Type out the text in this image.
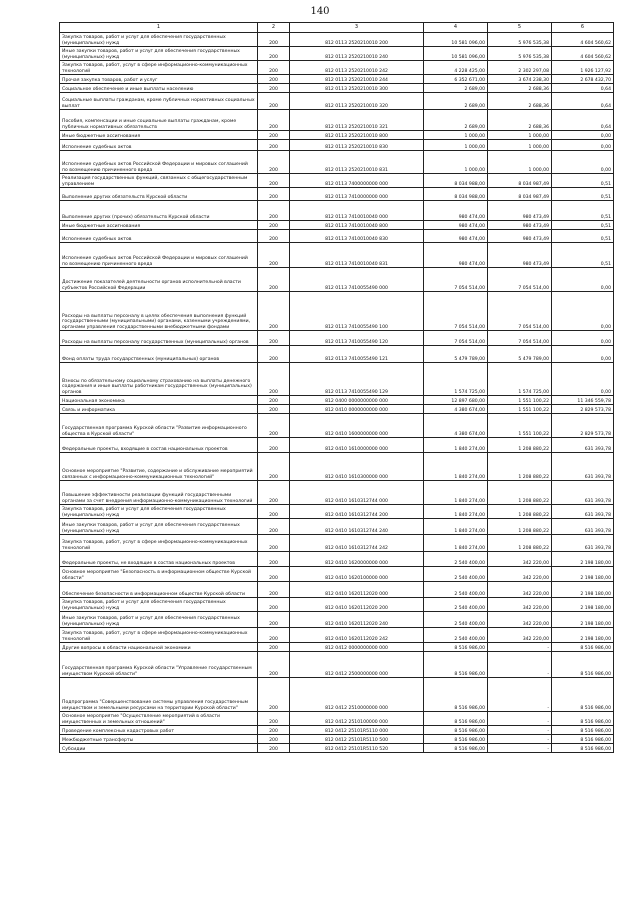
140
1	2	3	4	5	6
Закупка товаров, работ и услуг для обеспечения государственных (муниципальных) нужд	200	812 0113 2520210010 200	10 581 096,00	5 976 535,38	4 604 560,62
Иные закупки товаров, работ и услуг для обеспечения государственных (муниципальных) нужд	200	812 0113 2520210010 240	10 581 096,00	5 976 535,38	4 604 560,62
Закупка товаров, работ, услуг в сфере информационно-коммуникационных технологий	200	812 0113 2520210010 242	4 228 425,00	2 302 297,08	1 926 127,92
Прочая закупка товаров, работ и услуг	200	812 0113 2520210010 244	6 352 671,00	3 674 238,30	2 678 432,70
Социальное обеспечение и иные выплаты населению	200	812 0113 2520210010 300	2 689,00	2 688,36	0,64
Социальные выплаты гражданам, кроме публичных нормативных социальных выплат	200	812 0113 2520210010 320	2 689,00	2 688,36	0,64
Пособия, компенсации и иные социальные выплаты гражданам, кроме публичных нормативных обязательств	200	812 0113 2520210010 321	2 689,00	2 688,36	0,64
Иные бюджетные ассигнования	200	812 0113 2520210010 800	1 000,00	1 000,00	0,00
Исполнение судебных актов	200	812 0113 2520210010 830	1 000,00	1 000,00	0,00
Исполнение судебных актов Российской Федерации и мировых соглашений по возмещению причиненного вреда	200	812 0113 2520210010 831	1 000,00	1 000,00	0,00
Реализация государственных функций, связанных с общегосударственным управлением	200	812 0113 7400000000 000	8 034 988,00	8 034 987,49	0,51
Выполнение других обязательств Курской области	200	812 0113 7410000000 000	8 034 988,00	8 034 987,49	0,51
Выполнение других (прочих) обязательств Курской области	200	812 0113 7410010040 000	980 474,00	980 473,49	0,51
Иные бюджетные ассигнования	200	812 0113 7410010040 800	980 474,00	980 473,49	0,51
Исполнение судебных актов	200	812 0113 7410010040 830	980 474,00	980 473,49	0,51
Исполнение судебных актов Российской Федерации и мировых соглашений по возмещению причиненного вреда	200	812 0113 7410010040 831	980 474,00	980 473,49	0,51
Достижение показателей деятельности органов исполнительной власти субъектов Российской Федерации	200	812 0113 7410055490 000	7 054 514,00	7 054 514,00	0,00
Расходы на выплаты персоналу в целях обеспечения выполнения функций государственными (муниципальными) органами, казенными учреждениями, органами управления государственными внебюджетными фондами	200	812 0113 7410055490 100	7 054 514,00	7 054 514,00	0,00
Расходы на выплаты персоналу государственных (муниципальных) органов	200	812 0113 7410055490 120	7 054 514,00	7 054 514,00	0,00
Фонд оплаты труда государственных (муниципальных) органов	200	812 0113 7410055490 121	5 479 789,00	5 479 789,00	0,00
Взносы по обязательному социальному страхованию на выплаты денежного содержания и иные выплаты работникам государственных (муниципальных) органов	200	812 0113 7410055490 129	1 574 725,00	1 574 725,00	0,00
Национальная экономика	200	812 0400 0000000000 000	12 897 680,00	1 551 100,22	11 346 559,78
Связь и информатика	200	812 0410 0000000000 000	4 380 674,00	1 551 100,22	2 829 573,78
Государственная программа Курской области "Развитие информационного общества в Курской области"	200	812 0410 1600000000 000	4 380 674,00	1 551 100,22	2 829 573,78
Федеральные проекты, входящие в состав национальных проектов	200	812 0410 1610000000 000	1 840 274,00	1 208 880,22	631 393,78
Основное мероприятие "Развитие, содержание и обслуживание мероприятий связанных с информационно-коммуникационных технологий"	200	812 0410 1610300000 000	1 840 274,00	1 208 880,22	631 393,78
Повышение эффективности реализации функций государственными органами за счет внедрения информационно-коммуникационных технологий	200	812 0410 1610312744 000	1 840 274,00	1 208 880,22	631 393,78
Закупка товаров, работ и услуг для обеспечения государственных (муниципальных) нужд	200	812 0410 1610312744 200	1 840 274,00	1 208 880,22	631 393,78
Иные закупки товаров, работ и услуг для обеспечения государственных (муниципальных) нужд	200	812 0410 1610312744 240	1 840 274,00	1 208 880,22	631 393,78
Закупка товаров, работ, услуг в сфере информационно-коммуникационных технологий	200	812 0410 1610312744 242	1 840 274,00	1 208 880,22	631 393,78
Федеральные проекты, не входящие в состав национальных проектов	200	812 0410 1620000000 000	2 540 400,00	342 220,00	2 198 180,00
Основное мероприятие "Безопасность в информационном обществе Курской области"	200	812 0410 1620100000 000	2 540 400,00	342 220,00	2 198 180,00
Обеспечение безопасности в информационном обществе Курской области	200	812 0410 1620112020 000	2 540 400,00	342 220,00	2 198 180,00
Закупка товаров, работ и услуг для обеспечения государственных (муниципальных) нужд	200	812 0410 1620112020 200	2 540 400,00	342 220,00	2 198 180,00
Иные закупки товаров, работ и услуг для обеспечения государственных (муниципальных) нужд	200	812 0410 1620112020 240	2 540 400,00	342 220,00	2 198 180,00
Закупка товаров, работ, услуг в сфере информационно-коммуникационных технологий	200	812 0410 1620112020 242	2 540 400,00	342 220,00	2 198 180,00
Другие вопросы в области национальной экономики	200	812 0412 0000000000 000	8 516 986,00	-	8 516 986,00
Государственная программа Курской области "Управление государственным имуществом Курской области"	200	812 0412 2500000000 000	8 516 986,00	-	8 516 986,00
Подпрограмма "Совершенствование системы управления государственным имуществом и земельными ресурсами на территории Курской области"	200	812 0412 2510000000 000	8 516 986,00	-	8 516 986,00
Основное мероприятие "Осуществление мероприятий в области имущественных и земельных отношений"	200	812 0412 2510100000 000	8 516 986,00	-	8 516 986,00
Проведение комплексных кадастровых работ	200	812 0412 25101R5110 000	8 516 986,00	-	8 516 986,00
Межбюджетные трансферты	200	812 0412 25101R5110 500	8 516 986,00	-	8 516 986,00
Субсидии	200	812 0412 25101R5110 520	8 516 986,00	-	8 516 986,00
